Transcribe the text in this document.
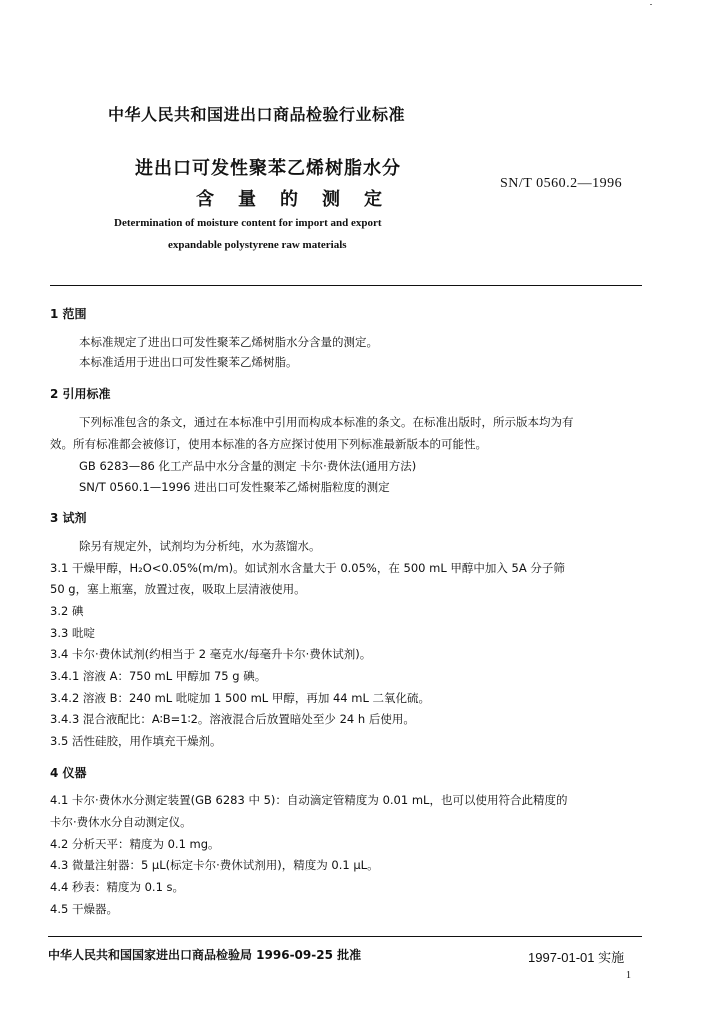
中华人民共和国进出口商品检验行业标准
进出口可发性聚苯乙烯树脂水分
含量的测定
SN/T 0560.2—1996
Determination of moisture content for import and export
expandable polystyrene raw materials
1 范围
本标准规定了进出口可发性聚苯乙烯树脂水分含量的测定。
本标准适用于进出口可发性聚苯乙烯树脂。
2 引用标准
下列标准包含的条文，通过在本标准中引用而构成本标准的条文。在标准出版时，所示版本均为有
效。所有标准都会被修订，使用本标准的各方应探讨使用下列标准最新版本的可能性。
GB 6283—86 化工产品中水分含量的测定 卡尔·费休法(通用方法)
SN/T 0560.1—1996 进出口可发性聚苯乙烯树脂粒度的测定
3 试剂
除另有规定外，试剂均为分析纯，水为蒸馏水。
3.1 干燥甲醇，H₂O<0.05%(m/m)。如试剂水含量大于 0.05%，在 500 mL 甲醇中加入 5A 分子筛
50 g，塞上瓶塞，放置过夜，吸取上层清液使用。
3.2 碘
3.3 吡啶
3.4 卡尔·费休试剂(约相当于 2 毫克水/每毫升卡尔·费休试剂)。
3.4.1 溶液 A：750 mL 甲醇加 75 g 碘。
3.4.2 溶液 B：240 mL 吡啶加 1 500 mL 甲醇，再加 44 mL 二氧化硫。
3.4.3 混合液配比：A∶B=1∶2。溶液混合后放置暗处至少 24 h 后使用。
3.5 活性硅胶，用作填充干燥剂。
4 仪器
4.1 卡尔·费休水分测定装置(GB 6283 中 5)：自动滴定管精度为 0.01 mL，也可以使用符合此精度的
卡尔·费休水分自动测定仪。
4.2 分析天平：精度为 0.1 mg。
4.3 微量注射器：5 μL(标定卡尔·费休试剂用)，精度为 0.1 μL。
4.4 秒表：精度为 0.1 s。
4.5 干燥器。
中华人民共和国国家进出口商品检验局 1996-09-25 批准	1997-01-01 实施
1
